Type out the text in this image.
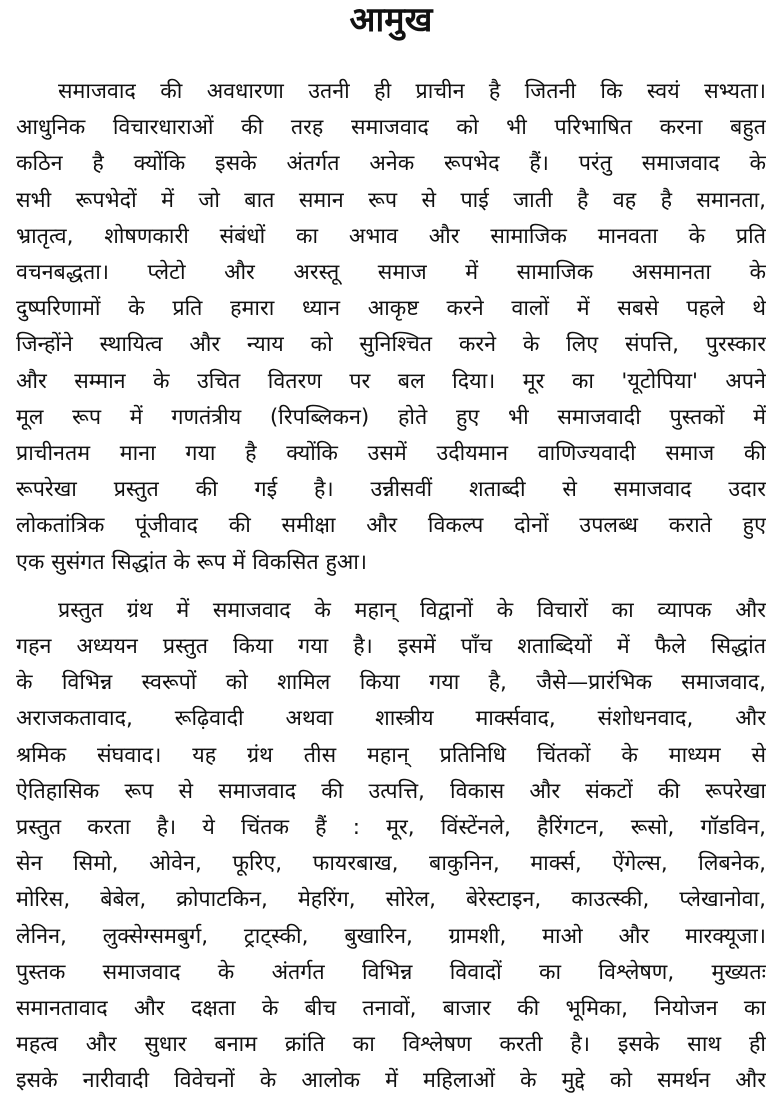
आमुख
समाजवाद की अवधारणा उतनी ही प्राचीन है जितनी कि स्वयं सभ्यता।
आधुनिक विचारधाराओं की तरह समाजवाद को भी परिभाषित करना बहुत
कठिन है क्योंकि इसके अंतर्गत अनेक रूपभेद हैं। परंतु समाजवाद के
सभी रूपभेदों में जो बात समान रूप से पाई जाती है वह है समानता,
भ्रातृत्व, शोषणकारी संबंधों का अभाव और सामाजिक मानवता के प्रति
वचनबद्धता। प्लेटो और अरस्तू समाज में सामाजिक असमानता के
दुष्परिणामों के प्रति हमारा ध्यान आकृष्ट करने वालों में सबसे पहले थे
जिन्होंने स्थायित्व और न्याय को सुनिश्चित करने के लिए संपत्ति, पुरस्कार
और सम्मान के उचित वितरण पर बल दिया। मूर का 'यूटोपिया' अपने
मूल रूप में गणतंत्रीय (रिपब्लिकन) होते हुए भी समाजवादी पुस्तकों में
प्राचीनतम माना गया है क्योंकि उसमें उदीयमान वाणिज्यवादी समाज की
रूपरेखा प्रस्तुत की गई है। उन्नीसवीं शताब्दी से समाजवाद उदार
लोकतांत्रिक पूंजीवाद की समीक्षा और विकल्प दोनों उपलब्ध कराते हुए
एक सुसंगत सिद्धांत के रूप में विकसित हुआ।
प्रस्तुत ग्रंथ में समाजवाद के महान् विद्वानों के विचारों का व्यापक और
गहन अध्ययन प्रस्तुत किया गया है। इसमें पाँच शताब्दियों में फैले सिद्धांत
के विभिन्न स्वरूपों को शामिल किया गया है, जैसे—प्रारंभिक समाजवाद,
अराजकतावाद, रूढ़िवादी अथवा शास्त्रीय मार्क्सवाद, संशोधनवाद, और
श्रमिक संघवाद। यह ग्रंथ तीस महान् प्रतिनिधि चिंतकों के माध्यम से
ऐतिहासिक रूप से समाजवाद की उत्पत्ति, विकास और संकटों की रूपरेखा
प्रस्तुत करता है। ये चिंतक हैं : मूर, विंस्टेंनले, हैरिंगटन, रूसो, गॉडविन,
सेन सिमो, ओवेन, फूरिए, फायरबाख, बाकुनिन, मार्क्स, ऐंगेल्स, लिबनेक,
मोरिस, बेबेल, क्रोपाटकिन, मेहरिंग, सोरेल, बेरेस्टाइन, काउत्स्की, प्लेखानोवा,
लेनिन, लुक्सेग्समबुर्ग, ट्राट्स्की, बुखारिन, ग्रामशी, माओ और मारक्यूजा।
पुस्तक समाजवाद के अंतर्गत विभिन्न विवादों का विश्लेषण, मुख्यतः
समानतावाद और दक्षता के बीच तनावों, बाजार की भूमिका, नियोजन का
महत्व और सुधार बनाम क्रांति का विश्लेषण करती है। इसके साथ ही
इसके नारीवादी विवेचनों के आलोक में महिलाओं के मुद्दे को समर्थन और
